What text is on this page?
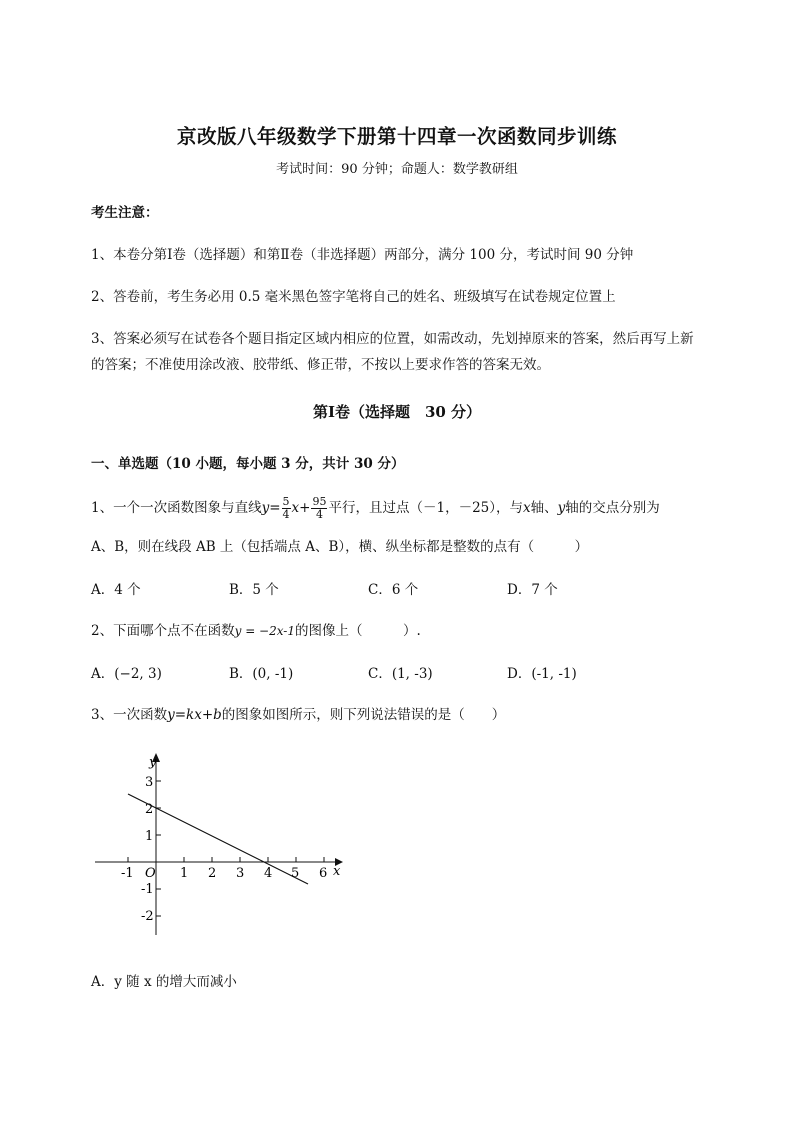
京改版八年级数学下册第十四章一次函数同步训练
考试时间：90 分钟；命题人：数学教研组
考生注意：
1、本卷分第Ⅰ卷（选择题）和第Ⅱ卷（非选择题）两部分，满分 100 分，考试时间 90 分钟
2、答卷前，考生务必用 0.5 毫米黑色签字笔将自己的姓名、班级填写在试卷规定位置上
3、答案必须写在试卷各个题目指定区域内相应的位置，如需改动，先划掉原来的答案，然后再写上新
的答案；不准使用涂改液、胶带纸、修正带，不按以上要求作答的答案无效。
第Ⅰ卷（选择题　30 分）
一、单选题（10 小题，每小题 3 分，共计 30 分）
1、一个一次函数图象与直线$y= \frac{5}{4} x+ \frac{95}{4}$ 平行，且过点（－1，－25），与x轴、y轴的交点分别为
A、B，则在线段 AB 上（包括端点 A、B），横、纵坐标都是整数的点有（　　　）
A．4 个	B．5 个	C．6 个	D．7 个
2、下面哪个点不在函数y = −2x-1的图像上（　　　）.
A．(−2, 3)	B．(0, -1)	C．(1, -3)	D．(-1, -1)
3、一次函数y=kx+b的图象如图所示，则下列说法错误的是（　　）
y
x
O
-1	1 2 3 4 5 6
3
2
1
-1
-2
A．y 随 x 的增大而减小
